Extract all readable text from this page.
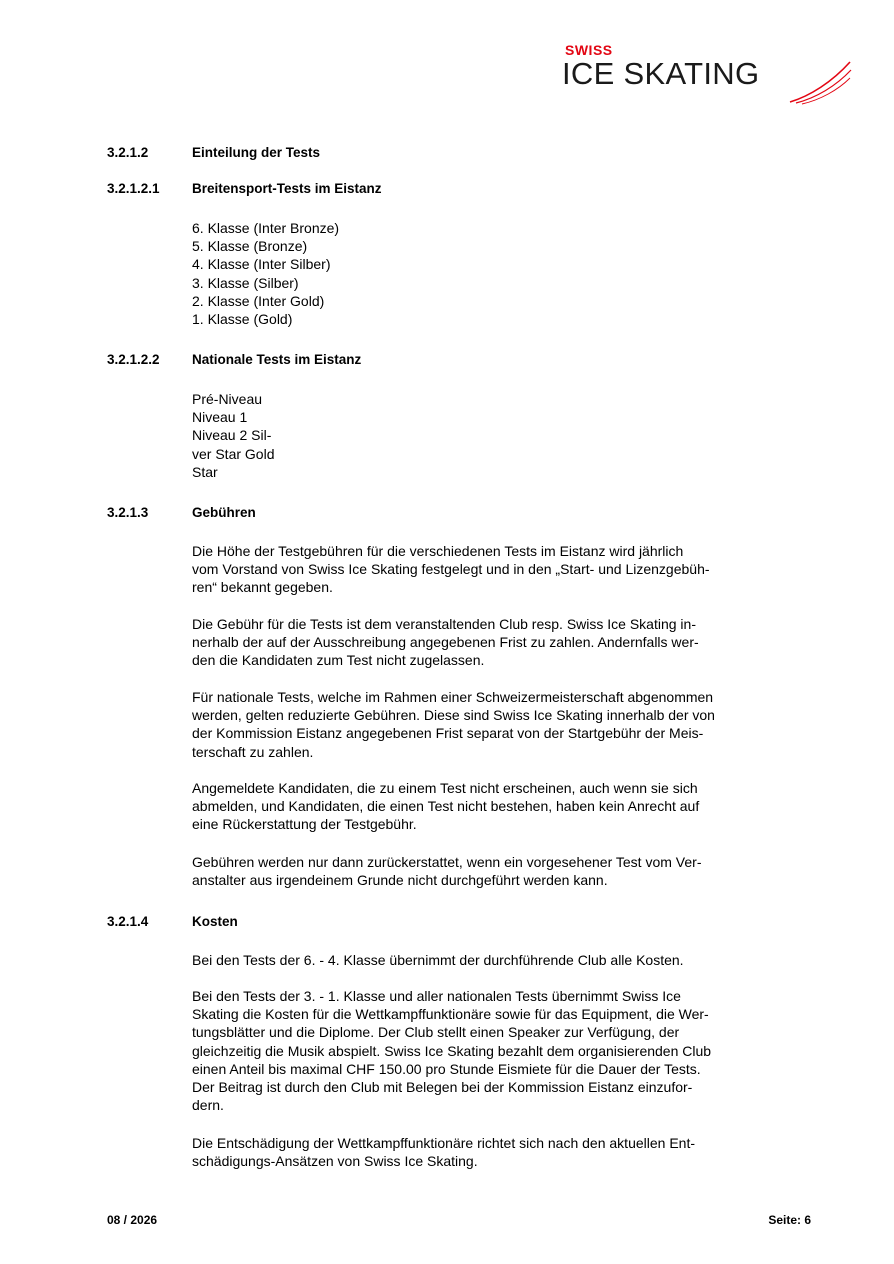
SWISS
ICE SKATING
3.2.1.2	Einteilung der Tests
3.2.1.2.1 Breitensport-Tests im Eistanz
6. Klasse (Inter Bronze)
5. Klasse (Bronze)
4. Klasse (Inter Silber)
3. Klasse (Silber)
2. Klasse (Inter Gold)
1. Klasse (Gold)
3.2.1.2.2 Nationale Tests im Eistanz
Pré-Niveau
Niveau 1
Niveau 2 Sil-
ver Star Gold
Star
3.2.1.3	Gebühren
Die Höhe der Testgebühren für die verschiedenen Tests im Eistanz wird jährlich
vom Vorstand von Swiss Ice Skating festgelegt und in den „Start- und Lizenzgebüh-
ren“ bekannt gegeben.
Die Gebühr für die Tests ist dem veranstaltenden Club resp. Swiss Ice Skating in-
nerhalb der auf der Ausschreibung angegebenen Frist zu zahlen. Andernfalls wer-
den die Kandidaten zum Test nicht zugelassen.
Für nationale Tests, welche im Rahmen einer Schweizermeisterschaft abgenommen
werden, gelten reduzierte Gebühren. Diese sind Swiss Ice Skating innerhalb der von
der Kommission Eistanz angegebenen Frist separat von der Startgebühr der Meis-
terschaft zu zahlen.
Angemeldete Kandidaten, die zu einem Test nicht erscheinen, auch wenn sie sich
abmelden, und Kandidaten, die einen Test nicht bestehen, haben kein Anrecht auf
eine Rückerstattung der Testgebühr.
Gebühren werden nur dann zurückerstattet, wenn ein vorgesehener Test vom Ver-
anstalter aus irgendeinem Grunde nicht durchgeführt werden kann.
3.2.1.4	Kosten
Bei den Tests der 6. - 4. Klasse übernimmt der durchführende Club alle Kosten.
Bei den Tests der 3. - 1. Klasse und aller nationalen Tests übernimmt Swiss Ice
Skating die Kosten für die Wettkampffunktionäre sowie für das Equipment, die Wer-
tungsblätter und die Diplome. Der Club stellt einen Speaker zur Verfügung, der
gleichzeitig die Musik abspielt. Swiss Ice Skating bezahlt dem organisierenden Club
einen Anteil bis maximal CHF 150.00 pro Stunde Eismiete für die Dauer der Tests.
Der Beitrag ist durch den Club mit Belegen bei der Kommission Eistanz einzufor-
dern.
Die Entschädigung der Wettkampffunktionäre richtet sich nach den aktuellen Ent-
schädigungs-Ansätzen von Swiss Ice Skating.
08 / 2026	Seite: 6
